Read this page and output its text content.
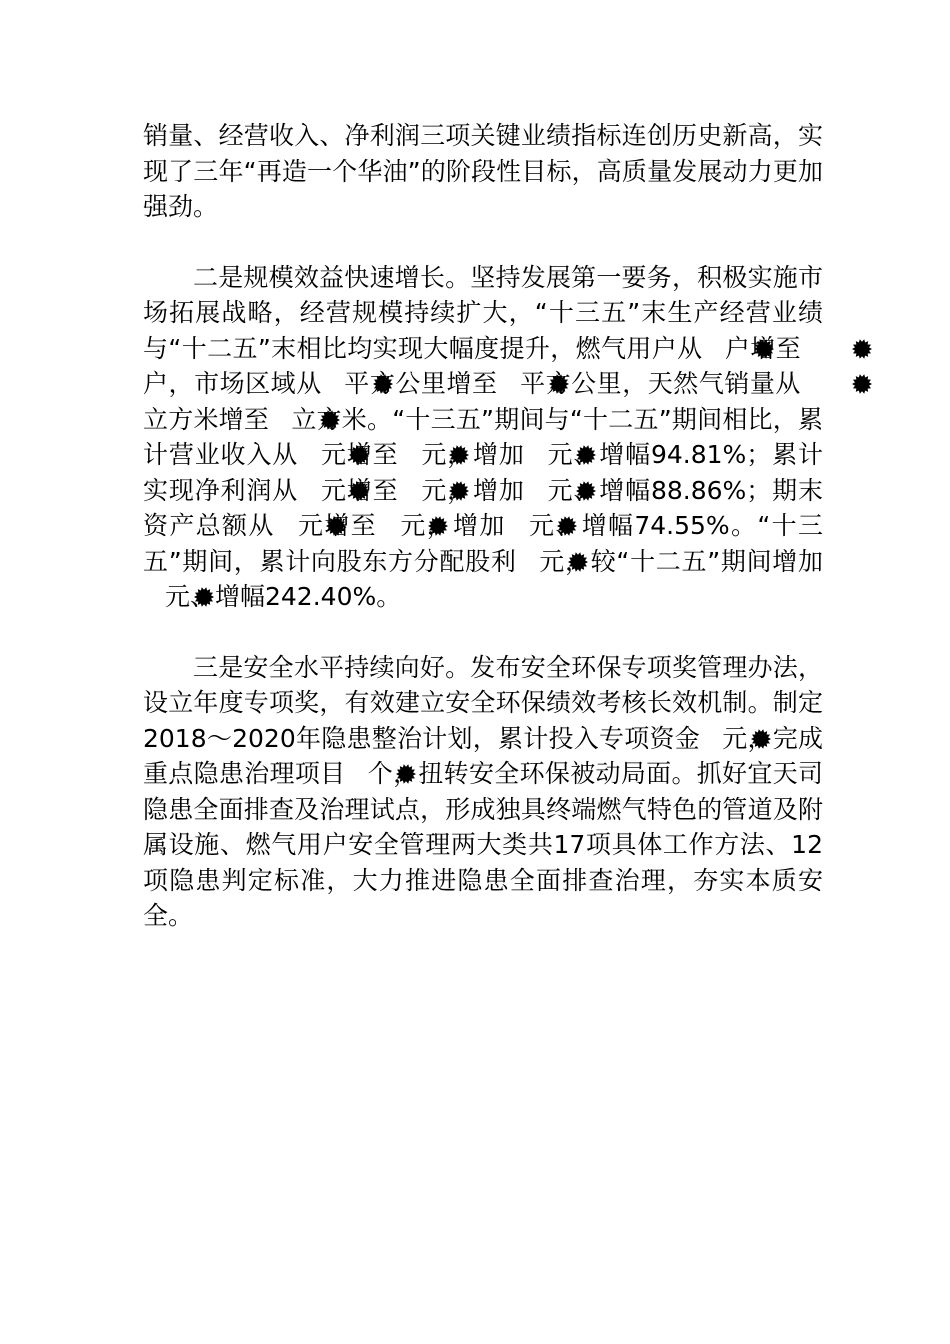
销量、经营收入、净利润三项关键业绩指标连创历史新高，实现了三年“再造一个华油”的阶段性目标，高质量发展动力更加强劲。

二是规模效益快速增长。坚持发展第一要务，积极实施市场拓展战略，经营规模持续扩大，“十三五”末生产经营业绩与“十二五”末相比均实现大幅度提升，燃气用户从 户增至户，市场区域从 平方公里增至 平方公里，天然气销量从立方米增至 立方米。“十三五”期间与“十二五”期间相比，累计营业收入从 元增至 元，增加 元、增幅94.81%；累计实现净利润从 元增至 元，增加 元、增幅88.86%；期末资产总额从 元增至 元，增加 元、增幅74.55%。“十三五”期间，累计向股东方分配股利 元，较“十二五”期间增加元、增幅242.40%。

三是安全水平持续向好。发布安全环保专项奖管理办法，设立年度专项奖，有效建立安全环保绩效考核长效机制。制定2018～2020年隐患整治计划，累计投入专项资金 元，完成重点隐患治理项目 个，扭转安全环保被动局面。抓好宜天司隐患全面排查及治理试点，形成独具终端燃气特色的管道及附属设施、燃气用户安全管理两大类共17项具体工作方法、12项隐患判定标准，大力推进隐患全面排查治理，夯实本质安全。
